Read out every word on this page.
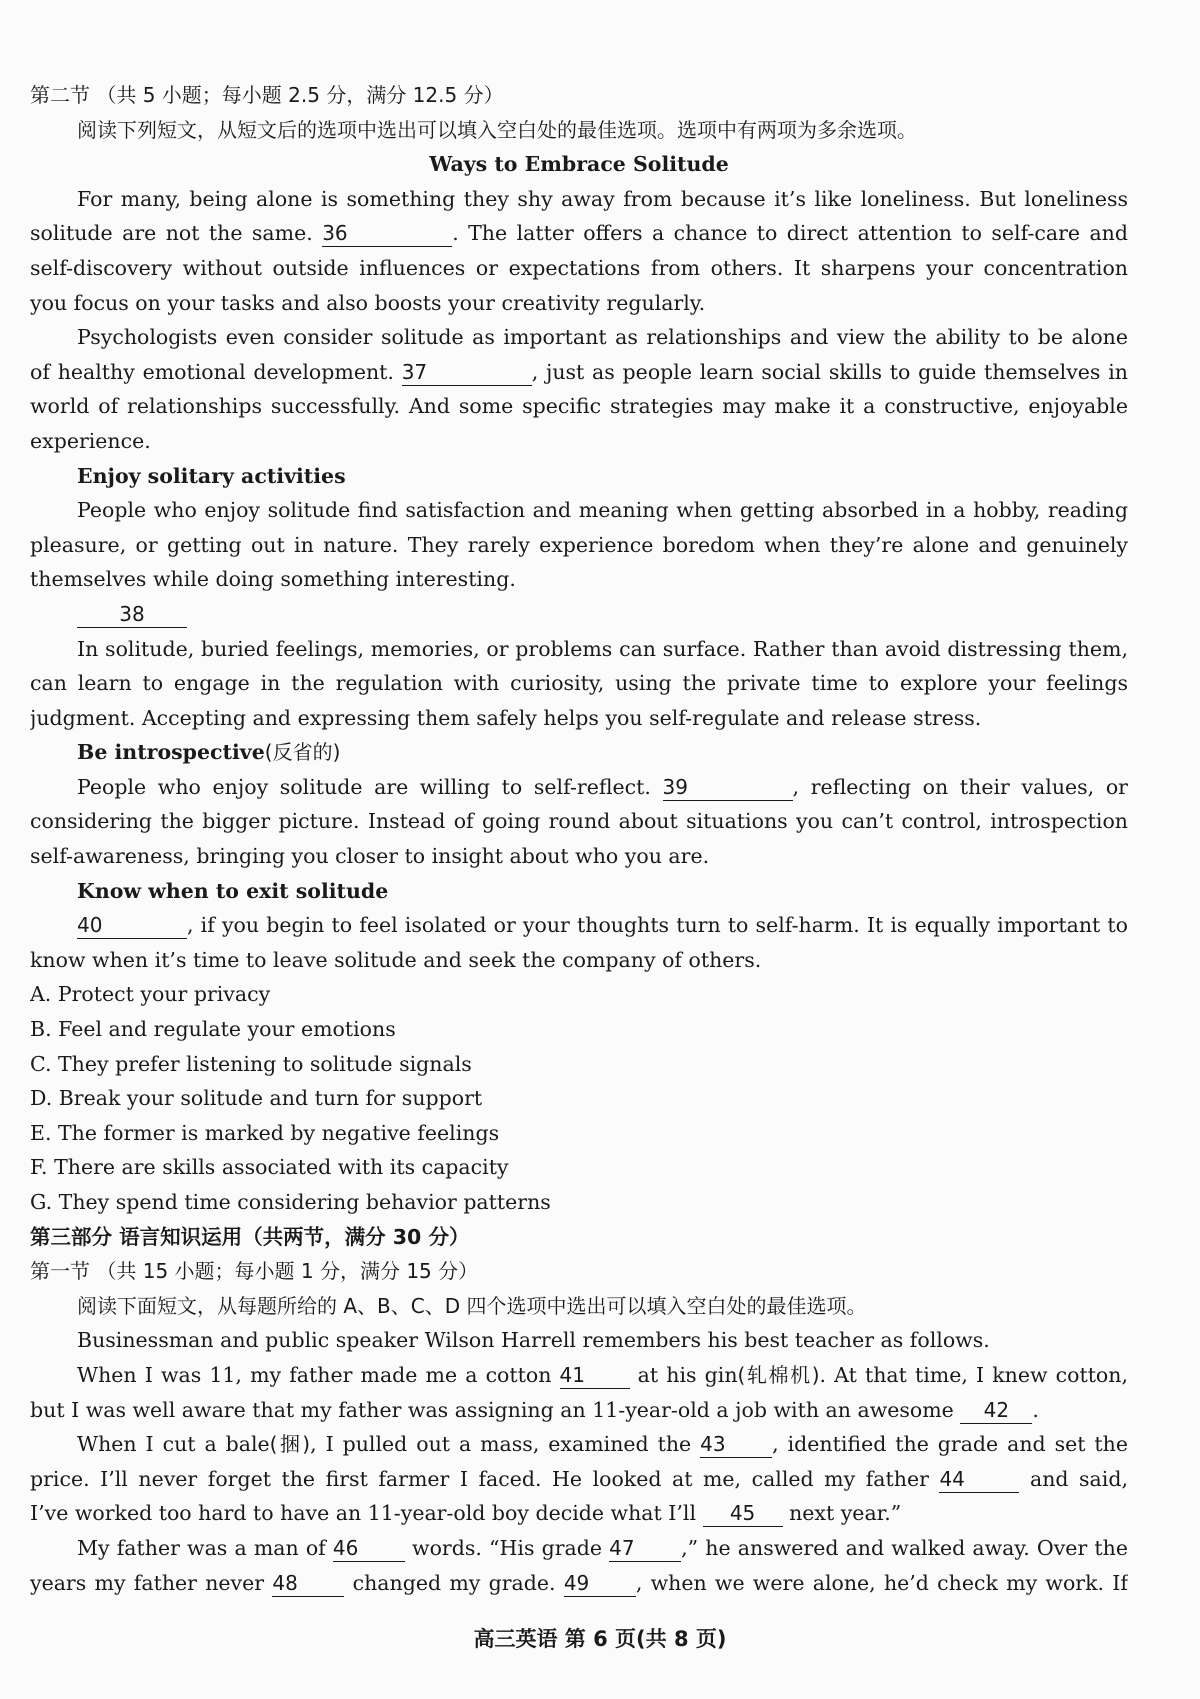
第二节 （共 5 小题；每小题 2.5 分，满分 12.5 分）
阅读下列短文，从短文后的选项中选出可以填入空白处的最佳选项。选项中有两项为多余选项。
Ways to Embrace Solitude
For many, being alone is something they shy away from because it’s like loneliness. But loneliness
solitude are not the same. 36	. The latter offers a chance to direct attention to self-care and
self-discovery without outside influences or expectations from others. It sharpens your concentration
you focus on your tasks and also boosts your creativity regularly.
Psychologists even consider solitude as important as relationships and view the ability to be alone
of healthy emotional development. 37	, just as people learn social skills to guide themselves in
world of relationships successfully. And some specific strategies may make it a constructive, enjoyable
experience.
Enjoy solitary activities
People who enjoy solitude find satisfaction and meaning when getting absorbed in a hobby, reading
pleasure, or getting out in nature. They rarely experience boredom when they’re alone and genuinely
themselves while doing something interesting.
38
In solitude, buried feelings, memories, or problems can surface. Rather than avoid distressing them,
can learn to engage in the regulation with curiosity, using the private time to explore your feelings
judgment. Accepting and expressing them safely helps you self-regulate and release stress.
Be introspective(反省的)
People who enjoy solitude are willing to self-reflect. 39	, reflecting on their values, or
considering the bigger picture. Instead of going round about situations you can’t control, introspection
self-awareness, bringing you closer to insight about who you are.
Know when to exit solitude
40	, if you begin to feel isolated or your thoughts turn to self-harm. It is equally important to
know when it’s time to leave solitude and seek the company of others.
A. Protect your privacy
B. Feel and regulate your emotions
C. They prefer listening to solitude signals
D. Break your solitude and turn for support
E. The former is marked by negative feelings
F. There are skills associated with its capacity
G. They spend time considering behavior patterns
第三部分 语言知识运用（共两节，满分 30 分）
第一节 （共 15 小题；每小题 1 分，满分 15 分）
阅读下面短文，从每题所给的 A、B、C、D 四个选项中选出可以填入空白处的最佳选项。
Businessman and public speaker Wilson Harrell remembers his best teacher as follows.
When I was 11, my father made me a cotton 41	at his gin(轧棉机). At that time, I knew cotton,
but I was well aware that my father was assigning an 11-year-old a job with an awesome 42 .
When I cut a bale(捆), I pulled out a mass, examined the 43 , identified the grade and set the
price. I’ll never forget the first farmer I faced. He looked at me, called my father 44	and said,
I’ve worked too hard to have an 11-year-old boy decide what I’ll 45 next year.”
My father was a man of 46	words. “His grade 47 ,” he answered and walked away. Over the
years my father never 48	changed my grade. 49 , when we were alone, he’d check my work. If
高三英语 第 6 页(共 8 页)
